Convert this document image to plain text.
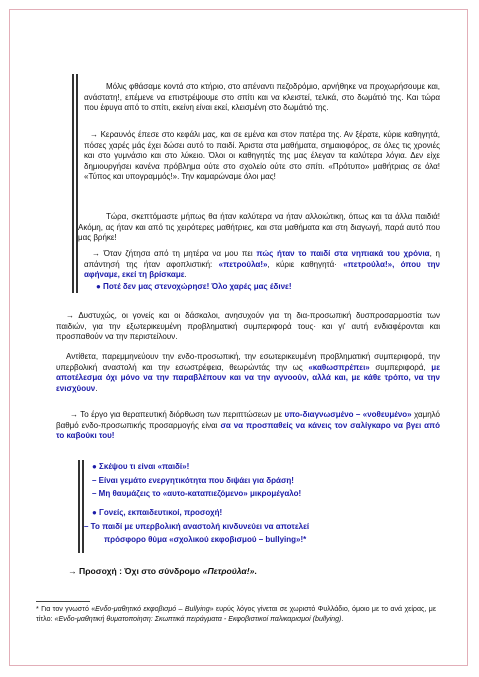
Μόλις φθάσαμε κοντά στο κτήριο, στο απέναντι πεζοδρόμιο, αρνήθηκε να προχωρήσουμε και, ανάστατη!, επέμενε να επιστρέψουμε στο σπίτι και να κλειστεί, τελικά, στο δωμάτιό της. Και τώρα που έφυγα από το σπίτι, εκείνη είναι εκεί, κλεισμένη στο δωμάτιό της.
→ Κεραυνός έπεσε στο κεφάλι μας, και σε εμένα και στον πατέρα της. Αν ξέρατε, κύριε καθηγητά, πόσες χαρές μάς έχει δώσει αυτό το παιδί. Άριστα στα μαθήματα, σημαιοφόρος, σε όλες τις χρονιές και στο γυμνάσιο και στο λύκειο. Όλοι οι καθηγητές της μας έλεγαν τα καλύτερα λόγια. Δεν είχε δημιουργήσει κανένα πρόβλημα ούτε στο σχολείο ούτε στο σπίτι. «Πρότυπο» μαθήτριας σε όλα! «Τύπος και υπογραμμός!». Την καμαρώναμε όλοι μας!
Τώρα, σκεπτόμαστε μήπως θα ήταν καλύτερα να ήταν αλλοιώτικη, όπως και τα άλλα παιδιά! Ακόμη, ας ήταν και από τις χειρότερες μαθήτριες, και στα μαθήματα και στη διαγωγή, παρά αυτό που μας βρήκε!
→ Όταν ζήτησα από τη μητέρα να μου πει πώς ήταν το παιδί στα νηπιακά του χρόνια, η απάντησή της ήταν αφοπλιστική: «πετρούλα!», κύριε καθηγητά· «πετρούλα!», όπου την αφήναμε, εκεί τη βρίσκαμε.
● Ποτέ δεν μας στενοχώρησε! Όλο χαρές μας έδινε!
→ Δυστυχώς, οι γονείς και οι δάσκαλοι, ανησυχούν για τη δια-προσωπική δυσπροσαρμοστία των παιδιών, για την εξωτερικευμένη προβληματική συμπεριφορά τους· και γι' αυτή ενδιαφέρονται και προσπαθούν να την περιστείλουν.
Αντίθετα, παρεμμηνεύουν την ενδο-προσωπική, την εσωτερικευμένη προβληματική συμπεριφορά, την υπερβολική αναστολή και την εσωστρέφεια, θεωρώντάς την ως «καθωσπρέπει» συμπεριφορά, με αποτέλεσμα όχι μόνο να την παραβλέπουν και να την αγνοούν, αλλά και, με κάθε τρόπο, να την ενισχύουν.
→ Το έργο για θεραπευτική διόρθωση των περιπτώσεων με υπο-διαγνωσμένο – «νοθευμένο» χαμηλό βαθμό ενδο-προσωπικής προσαρμογής είναι σα να προσπαθείς να κάνεις τον σαλίγκαρο να βγει από το καβούκι του!
● Σκέψου τι είναι «παιδί»!
– Είναι γεμάτο ενεργητικότητα που διψάει για δράση!
– Μη θαυμάζεις το «αυτο-καταπιεζόμενο» μικρομέγαλο!
● Γονείς, εκπαιδευτικοί, προσοχή!
– Το παιδί με υπερβολική αναστολή κινδυνεύει να αποτελεί
πρόσφορο θύμα «σχολικού εκφοβισμού – bullying»!*
→ Προσοχή : Όχι στο σύνδρομο «Πετρούλα!».
* Για τον γνωστό «Ενδο-μαθητικό εκφοβισμό – Bullying» ευρύς λόγος γίνεται σε χωριστό Φυλλάδιο, όμοιο με το ανά χείρας, με τίτλο: «Ενδο-μαθητική θυματοποίηση: Σκωπτικά πειράγματα - Εκφοβιστικοί παλικαρισμοί (bullying).
